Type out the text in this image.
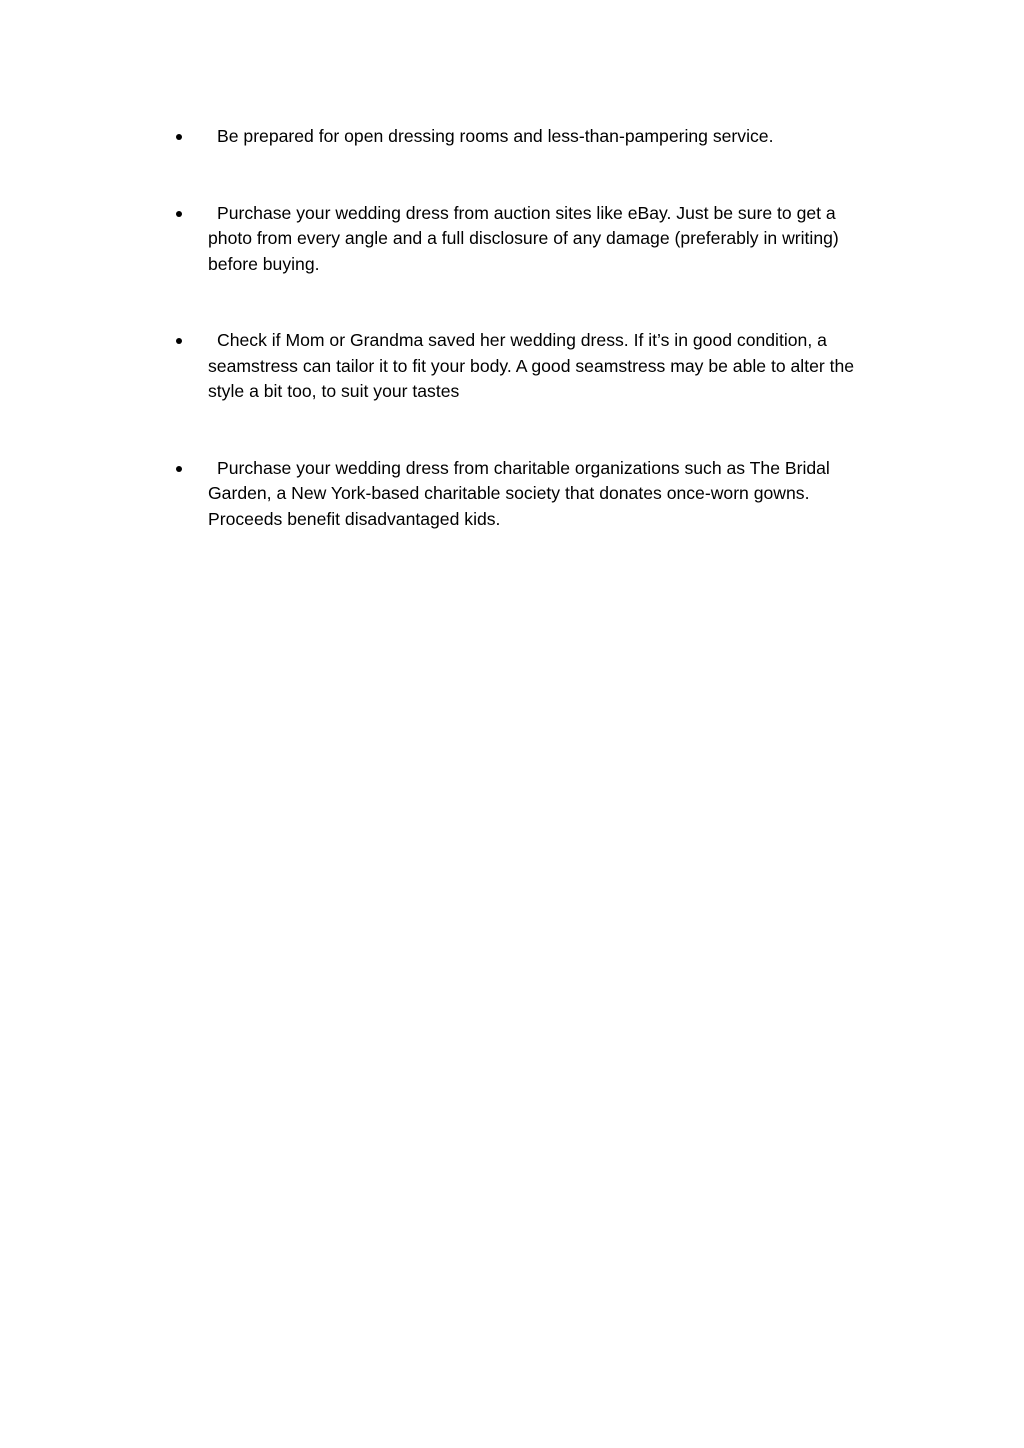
Be prepared for open dressing rooms and less-than-pampering service.
Purchase your wedding dress from auction sites like eBay. Just be sure to get a photo from every angle and a full disclosure of any damage (preferably in writing) before buying.
Check if Mom or Grandma saved her wedding dress. If it’s in good condition, a seamstress can tailor it to fit your body. A good seamstress may be able to alter the style a bit too, to suit your tastes
Purchase your wedding dress from charitable organizations such as The Bridal Garden, a New York-based charitable society that donates once-worn gowns. Proceeds benefit disadvantaged kids.
